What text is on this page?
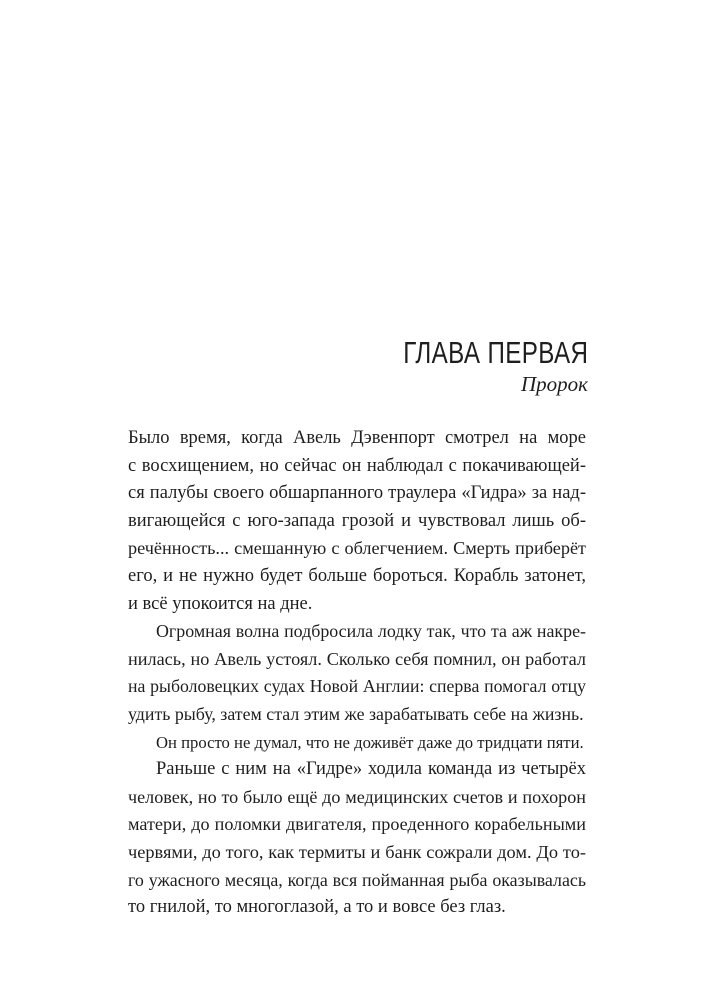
ГЛАВА ПЕРВАЯ
Пророк
Было время, когда Авель Дэвенпорт смотрел на море
с восхищением, но сейчас он наблюдал с покачивающей-
ся палубы своего обшарпанного траулера «Гидра» за над-
вигающейся с юго-запада грозой и чувствовал лишь об-
речённость... смешанную с облегчением. Смерть приберёт
его, и не нужно будет больше бороться. Корабль затонет,
и всё упокоится на дне.
Огромная волна подбросила лодку так, что та аж накре-
нилась, но Авель устоял. Сколько себя помнил, он работал
на рыболовецких судах Новой Англии: сперва помогал отцу
удить рыбу, затем стал этим же зарабатывать себе на жизнь.
Он просто не думал, что не доживёт даже до тридцати пяти.
Раньше с ним на «Гидре» ходила команда из четырёх
человек, но то было ещё до медицинских счетов и похорон
матери, до поломки двигателя, проеденного корабельными
червями, до того, как термиты и банк сожрали дом. До то-
го ужасного месяца, когда вся пойманная рыба оказывалась
то гнилой, то многоглазой, а то и вовсе без глаз.
